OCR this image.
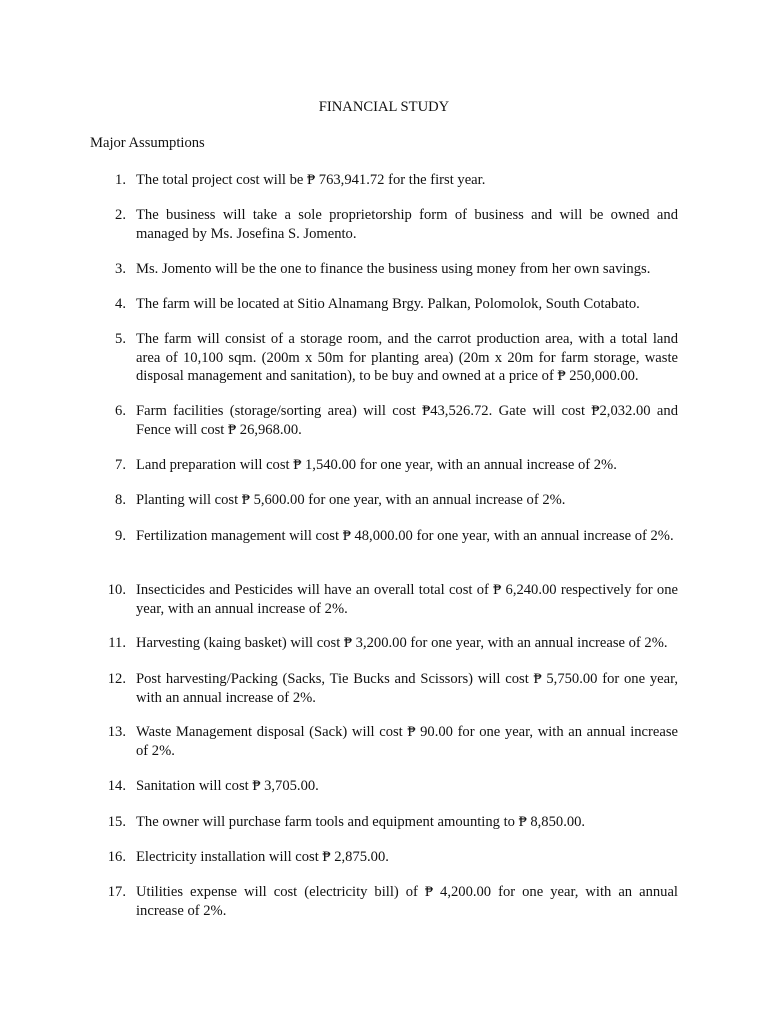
FINANCIAL STUDY
Major Assumptions
1. The total project cost will be ₱ 763,941.72 for the first year.
2. The business will take a sole proprietorship form of business and will be owned and managed by Ms. Josefina S. Jomento.
3. Ms. Jomento will be the one to finance the business using money from her own savings.
4. The farm will be located at Sitio Alnamang Brgy. Palkan, Polomolok, South Cotabato.
5. The farm will consist of a storage room, and the carrot production area, with a total land area of 10,100 sqm. (200m x 50m for planting area) (20m x 20m for farm storage, waste disposal management and sanitation), to be buy and owned at a price of ₱ 250,000.00.
6. Farm facilities (storage/sorting area) will cost ₱43,526.72. Gate will cost ₱2,032.00 and Fence will cost ₱ 26,968.00.
7. Land preparation will cost ₱ 1,540.00 for one year, with an annual increase of 2%.
8. Planting will cost ₱ 5,600.00 for one year, with an annual increase of 2%.
9. Fertilization management will cost ₱ 48,000.00 for one year, with an annual increase of 2%.
10. Insecticides and Pesticides will have an overall total cost of ₱ 6,240.00 respectively for one year, with an annual increase of 2%.
11. Harvesting (kaing basket) will cost ₱ 3,200.00 for one year, with an annual increase of 2%.
12. Post harvesting/Packing (Sacks, Tie Bucks and Scissors) will cost ₱ 5,750.00 for one year, with an annual increase of 2%.
13. Waste Management disposal (Sack) will cost ₱ 90.00 for one year, with an annual increase of 2%.
14. Sanitation will cost ₱ 3,705.00.
15. The owner will purchase farm tools and equipment amounting to ₱ 8,850.00.
16. Electricity installation will cost ₱ 2,875.00.
17. Utilities expense will cost (electricity bill) of ₱ 4,200.00 for one year, with an annual increase of 2%.
